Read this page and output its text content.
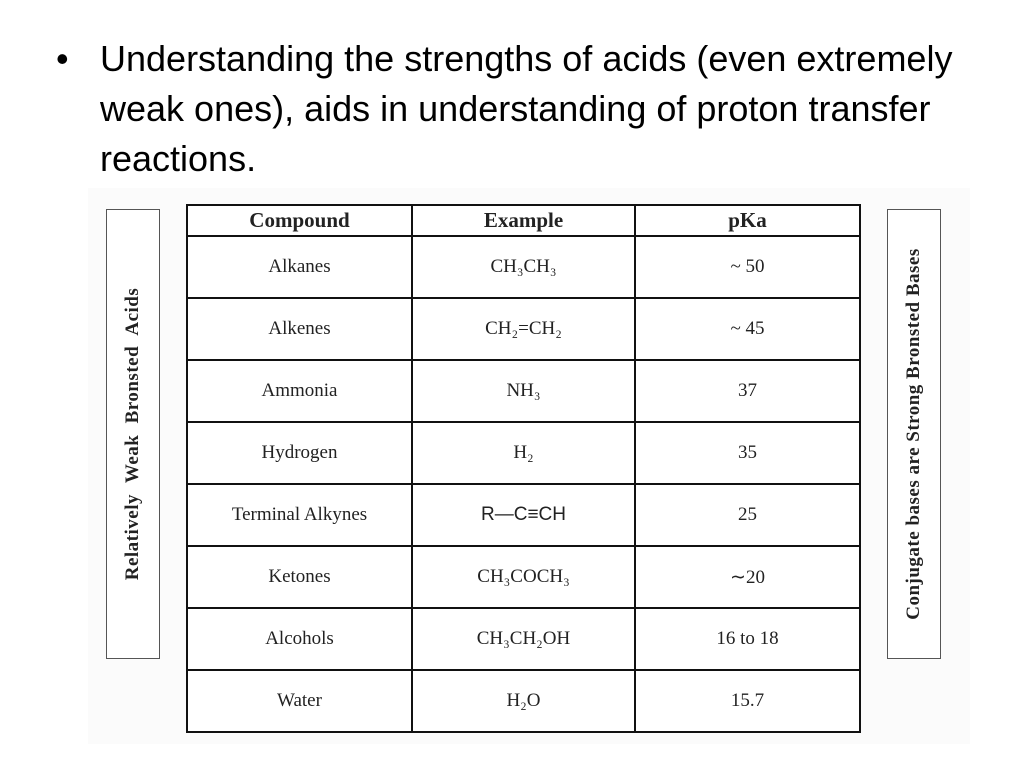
• Understanding the strengths of acids (even extremely weak ones), aids in understanding of proton transfer reactions.
Relatively Weak Bronsted Acids	Conjugate bases are Strong Bronsted Bases
Compound	Example	pKa
Alkanes	CH₃CH₃	~ 50
Alkenes	CH₂=CH₂	~ 45
Ammonia	NH₃	37
Hydrogen	H₂	35
Terminal Alkynes	R—C≡CH	25
Ketones	CH₃COCH₃	∼20
Alcohols	CH₃CH₂OH	16 to 18
Water	H₂O	15.7
